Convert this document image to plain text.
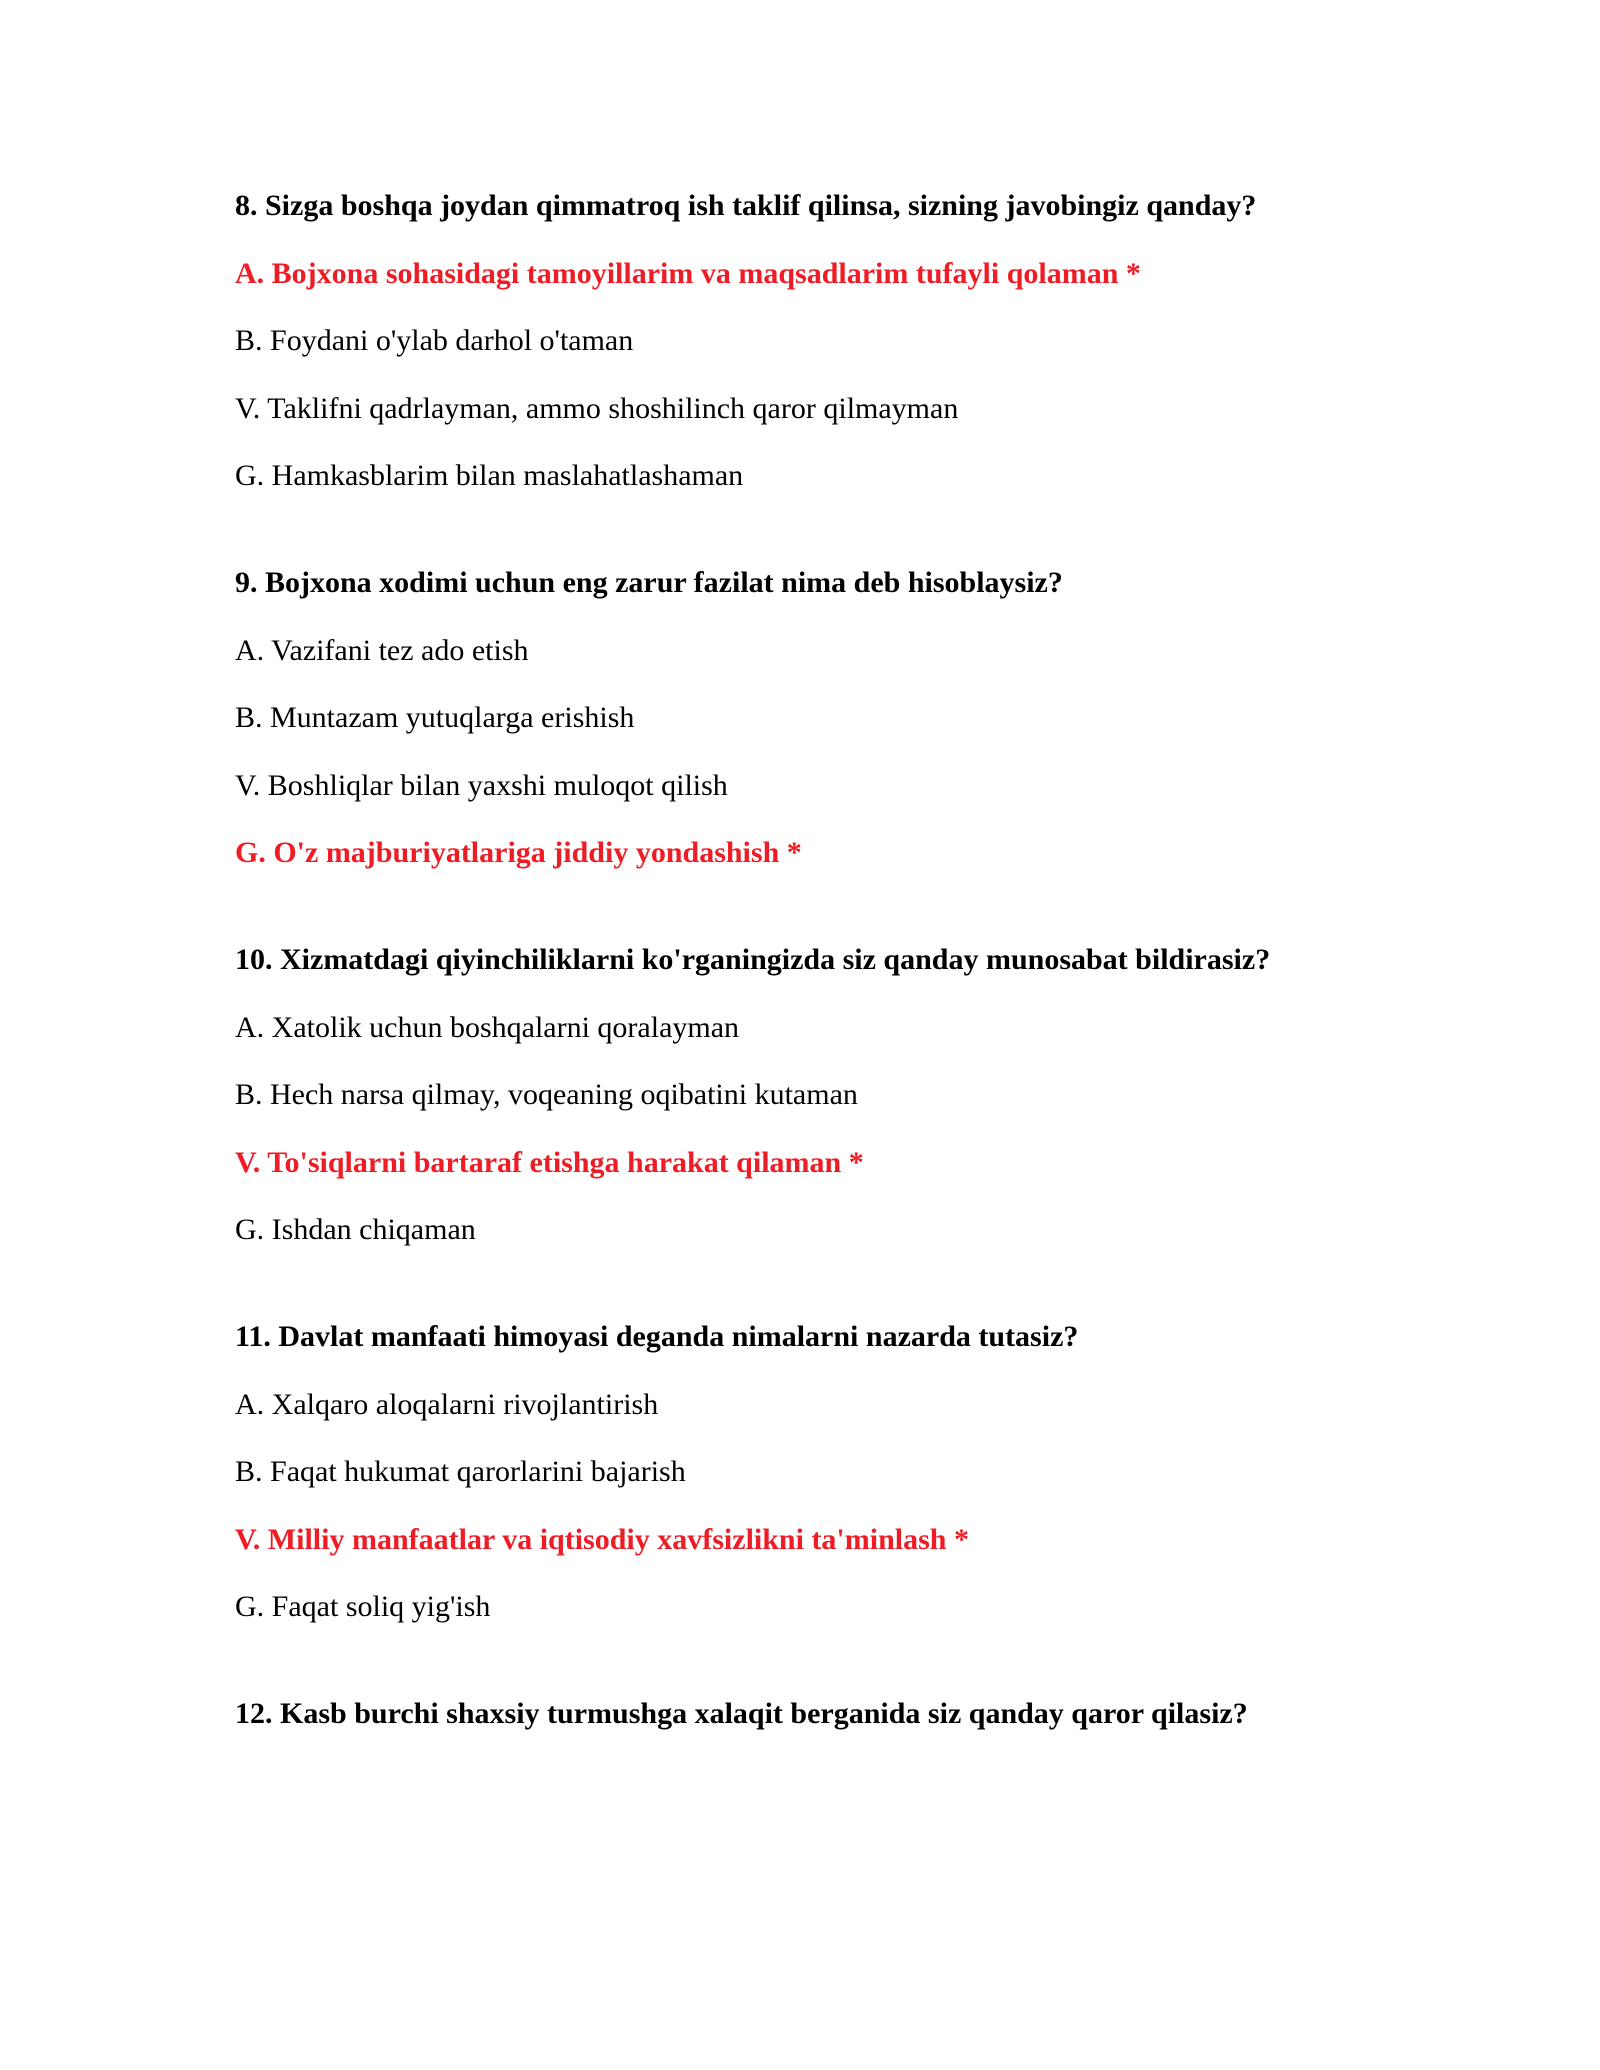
8. Sizga boshqa joydan qimmatroq ish taklif qilinsa, sizning javobingiz qanday?
A. Bojxona sohasidagi tamoyillarim va maqsadlarim tufayli qolaman *
B. Foydani o'ylab darhol o'taman
V. Taklifni qadrlayman, ammo shoshilinch qaror qilmayman
G. Hamkasblarim bilan maslahatlashaman
9. Bojxona xodimi uchun eng zarur fazilat nima deb hisoblaysiz?
A. Vazifani tez ado etish
B. Muntazam yutuqlarga erishish
V. Boshliqlar bilan yaxshi muloqot qilish
G. O'z majburiyatlariga jiddiy yondashish *
10. Xizmatdagi qiyinchiliklarni ko'rganingizda siz qanday munosabat bildirasiz?
A. Xatolik uchun boshqalarni qoralayman
B. Hech narsa qilmay, voqeaning oqibatini kutaman
V. To'siqlarni bartaraf etishga harakat qilaman *
G. Ishdan chiqaman
11. Davlat manfaati himoyasi deganda nimalarni nazarda tutasiz?
A. Xalqaro aloqalarni rivojlantirish
B. Faqat hukumat qarorlarini bajarish
V. Milliy manfaatlar va iqtisodiy xavfsizlikni ta'minlash *
G. Faqat soliq yig'ish
12. Kasb burchi shaxsiy turmushga xalaqit berganida siz qanday qaror qilasiz?
